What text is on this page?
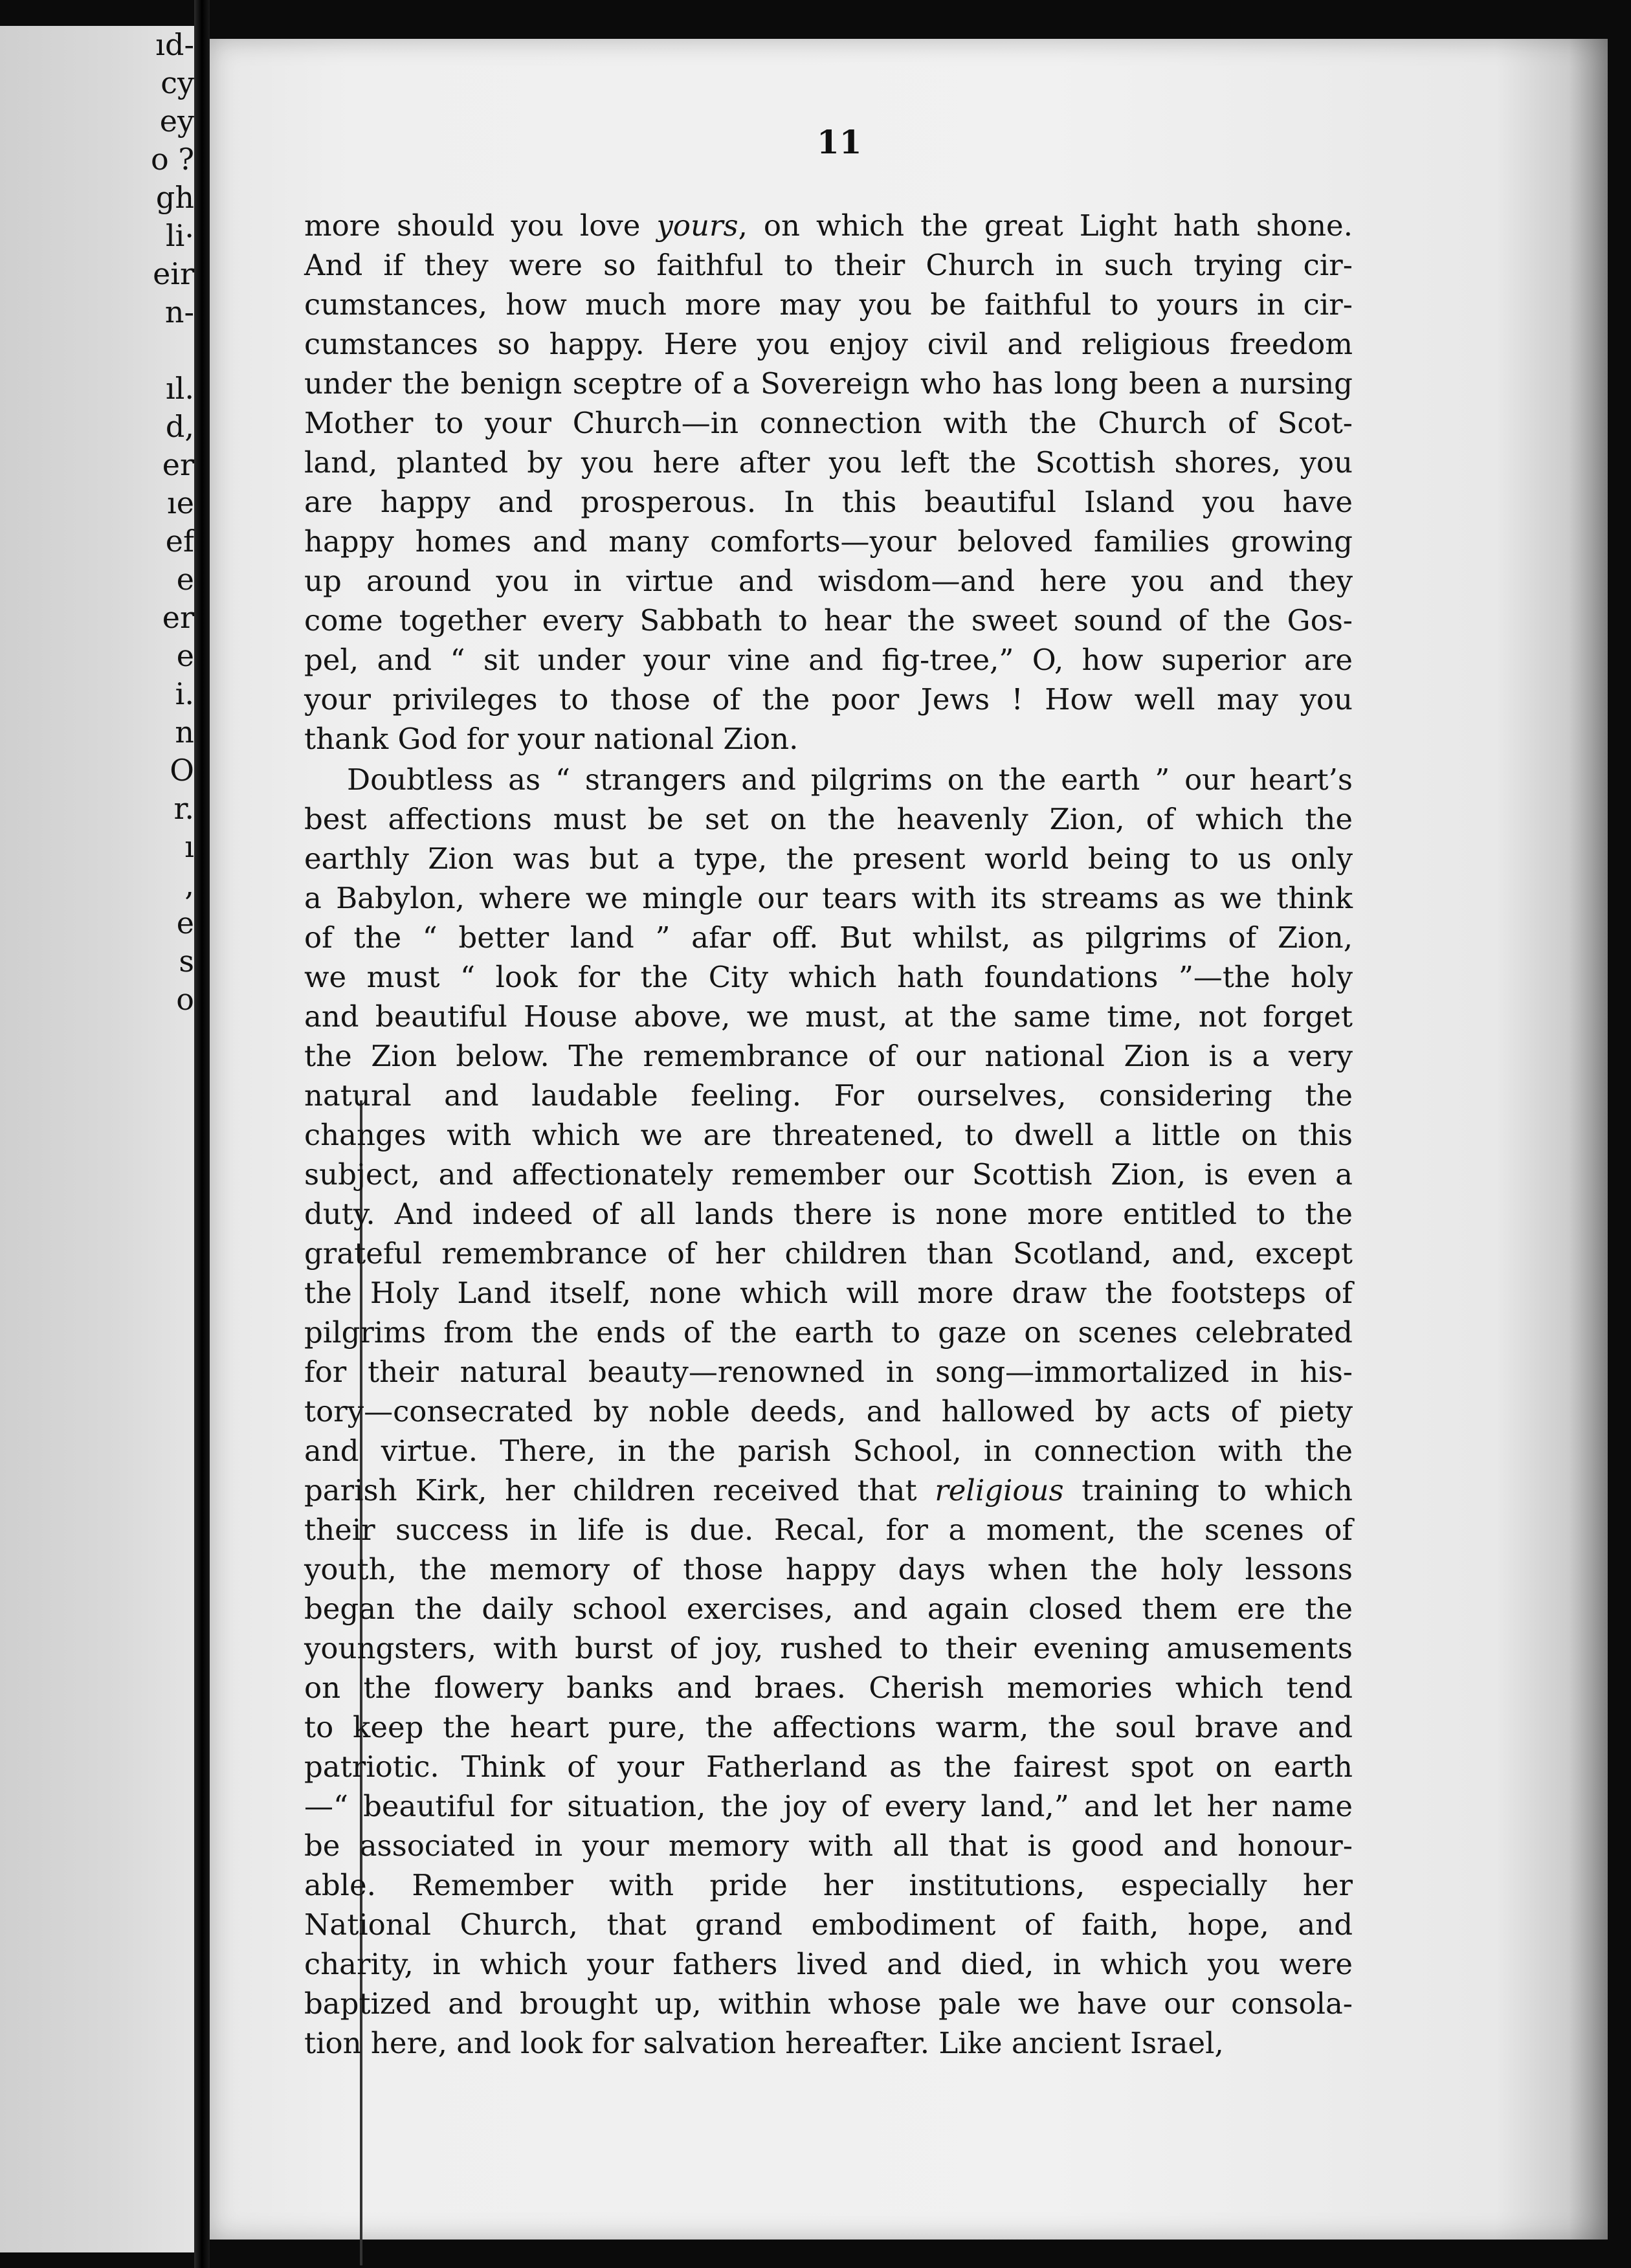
ıd-
cy
ey
o ?
gh
li·
eir
n-
ıl.
d,
er
ıe
ef
e
er
e
i.
n
O
r.
ı
,
e
s
o
11
more should you love yours, on which the great Light hath shone.
And if they were so faithful to their Church in such trying cir-
cumstances, how much more may you be faithful to yours in cir-
cumstances so happy. Here you enjoy civil and religious freedom
under the benign sceptre of a Sovereign who has long been a nursing
Mother to your Church—in connection with the Church of Scot-
land, planted by you here after you left the Scottish shores, you
are happy and prosperous. In this beautiful Island you have
happy homes and many comforts—your beloved families growing
up around you in virtue and wisdom—and here you and they
come together every Sabbath to hear the sweet sound of the Gos-
pel, and “ sit under your vine and fig-tree,” O, how superior are
your privileges to those of the poor Jews ! How well may you
thank God for your national Zion.
Doubtless as “ strangers and pilgrims on the earth ” our heart’s
best affections must be set on the heavenly Zion, of which the
earthly Zion was but a type, the present world being to us only
a Babylon, where we mingle our tears with its streams as we think
of the “ better land ” afar off. But whilst, as pilgrims of Zion,
we must “ look for the City which hath foundations ”—the holy
and beautiful House above, we must, at the same time, not forget
the Zion below. The remembrance of our national Zion is a very
natural and laudable feeling. For ourselves, considering the
changes with which we are threatened, to dwell a little on this
subject, and affectionately remember our Scottish Zion, is even a
duty. And indeed of all lands there is none more entitled to the
grateful remembrance of her children than Scotland, and, except
the Holy Land itself, none which will more draw the footsteps of
pilgrims from the ends of the earth to gaze on scenes celebrated
for their natural beauty—renowned in song—immortalized in his-
tory—consecrated by noble deeds, and hallowed by acts of piety
and virtue. There, in the parish School, in connection with the
parish Kirk, her children received that religious training to which
their success in life is due. Recal, for a moment, the scenes of
youth, the memory of those happy days when the holy lessons
began the daily school exercises, and again closed them ere the
youngsters, with burst of joy, rushed to their evening amusements
on the flowery banks and braes. Cherish memories which tend
to keep the heart pure, the affections warm, the soul brave and
patriotic. Think of your Fatherland as the fairest spot on earth
—“ beautiful for situation, the joy of every land,” and let her name
be associated in your memory with all that is good and honour-
able. Remember with pride her institutions, especially her
National Church, that grand embodiment of faith, hope, and
charity, in which your fathers lived and died, in which you were
baptized and brought up, within whose pale we have our consola-
tion here, and look for salvation hereafter. Like ancient Israel,
